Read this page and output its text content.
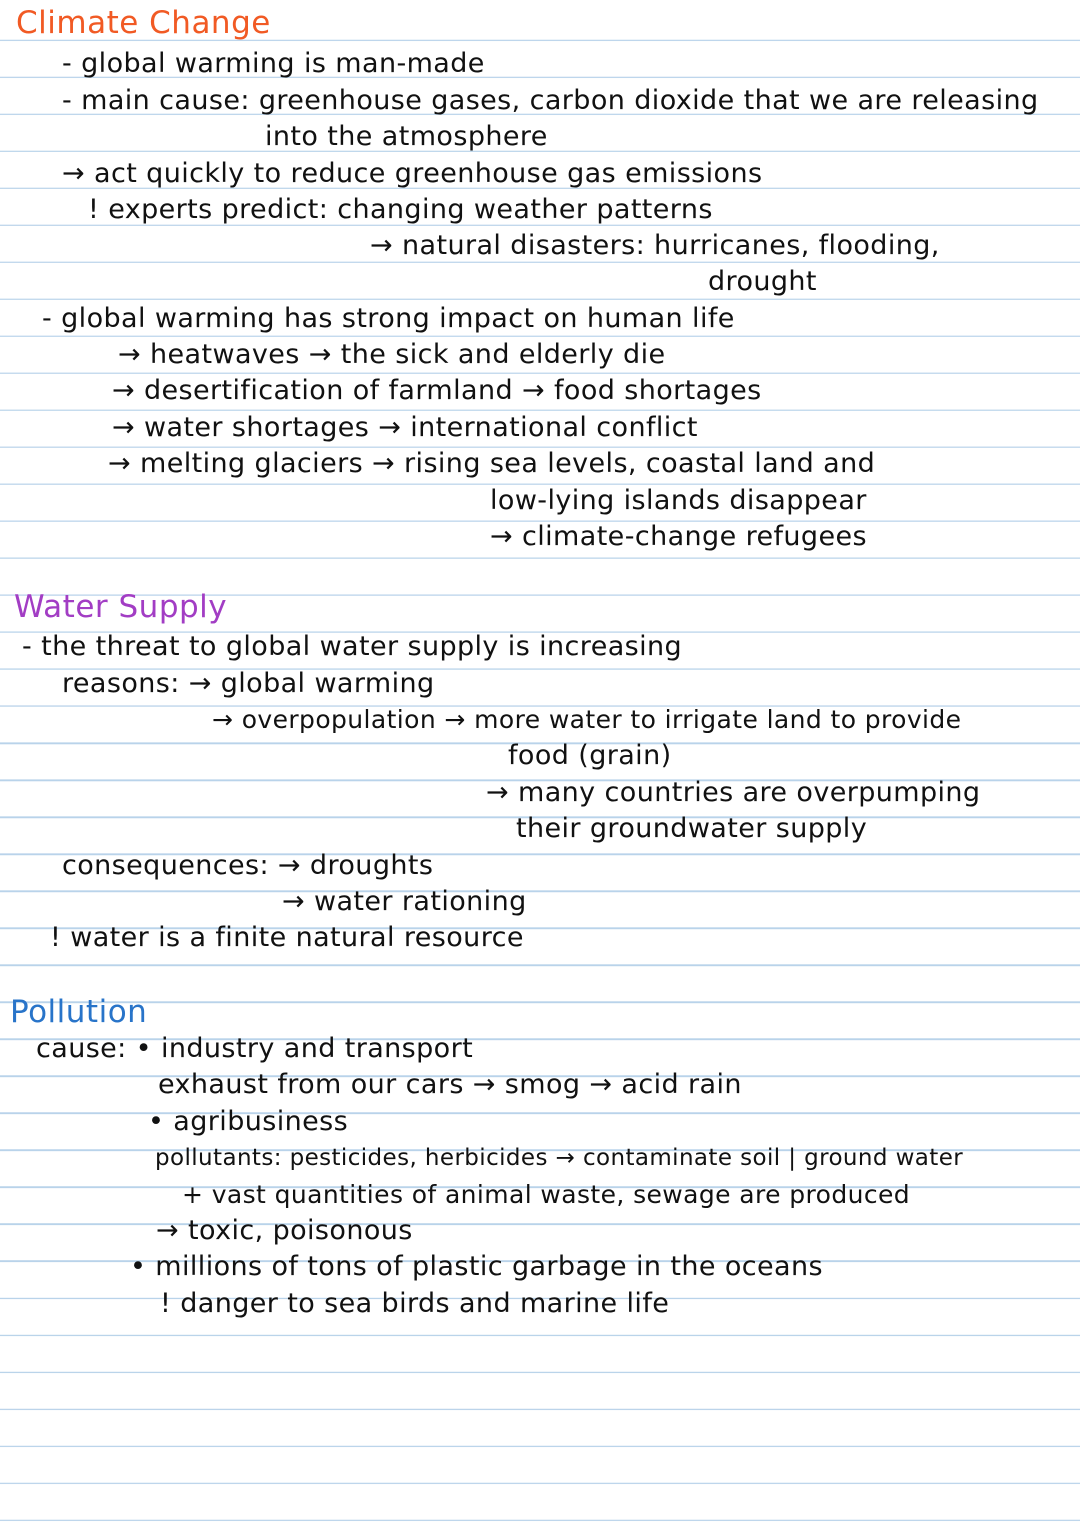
Climate Change
- global warming is man-made
- main cause: greenhouse gases, carbon dioxide that we are releasing
into the atmosphere
→ act quickly to reduce greenhouse gas emissions
! experts predict: changing weather patterns
→ natural disasters: hurricanes, flooding,
drought
- global warming has strong impact on human life
→ heatwaves → the sick and elderly die
→ desertification of farmland → food shortages
→ water shortages → international conflict
→ melting glaciers → rising sea levels, coastal land and
low-lying islands disappear
→ climate-change refugees
Water Supply
- the threat to global water supply is increasing
reasons: → global warming
→ overpopulation → more water to irrigate land to provide
food (grain)
→ many countries are overpumping
their groundwater supply
consequences: → droughts
→ water rationing
! water is a finite natural resource
Pollution
cause: • industry and transport
exhaust from our cars → smog → acid rain
• agribusiness
pollutants: pesticides, herbicides → contaminate soil | ground water
+ vast quantities of animal waste, sewage are produced
→ toxic, poisonous
• millions of tons of plastic garbage in the oceans
! danger to sea birds and marine life
